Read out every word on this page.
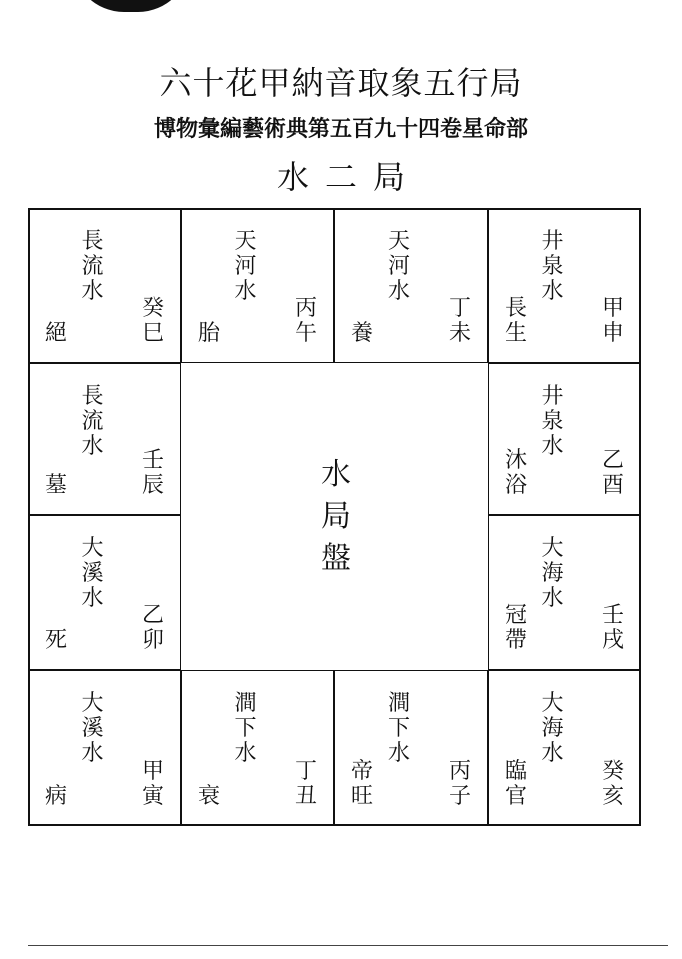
六十花甲納音取象五行局
博物彙編藝術典第五百九十四卷星命部
水二局
水
局
盤
長
流
水
癸
巳
絕
天
河
水
丙
午
胎
天
河
水
丁
未
養
井
泉
水
甲
申
長
生
長
流
水
壬
辰
墓
井
泉
水
乙
酉
沐
浴
大
溪
水
乙
卯
死
大
海
水
壬
戌
冠
帶
大
溪
水
甲
寅
病
澗
下
水
丁
丑
衰
澗
下
水
丙
子
帝
旺
大
海
水
癸
亥
臨
官
